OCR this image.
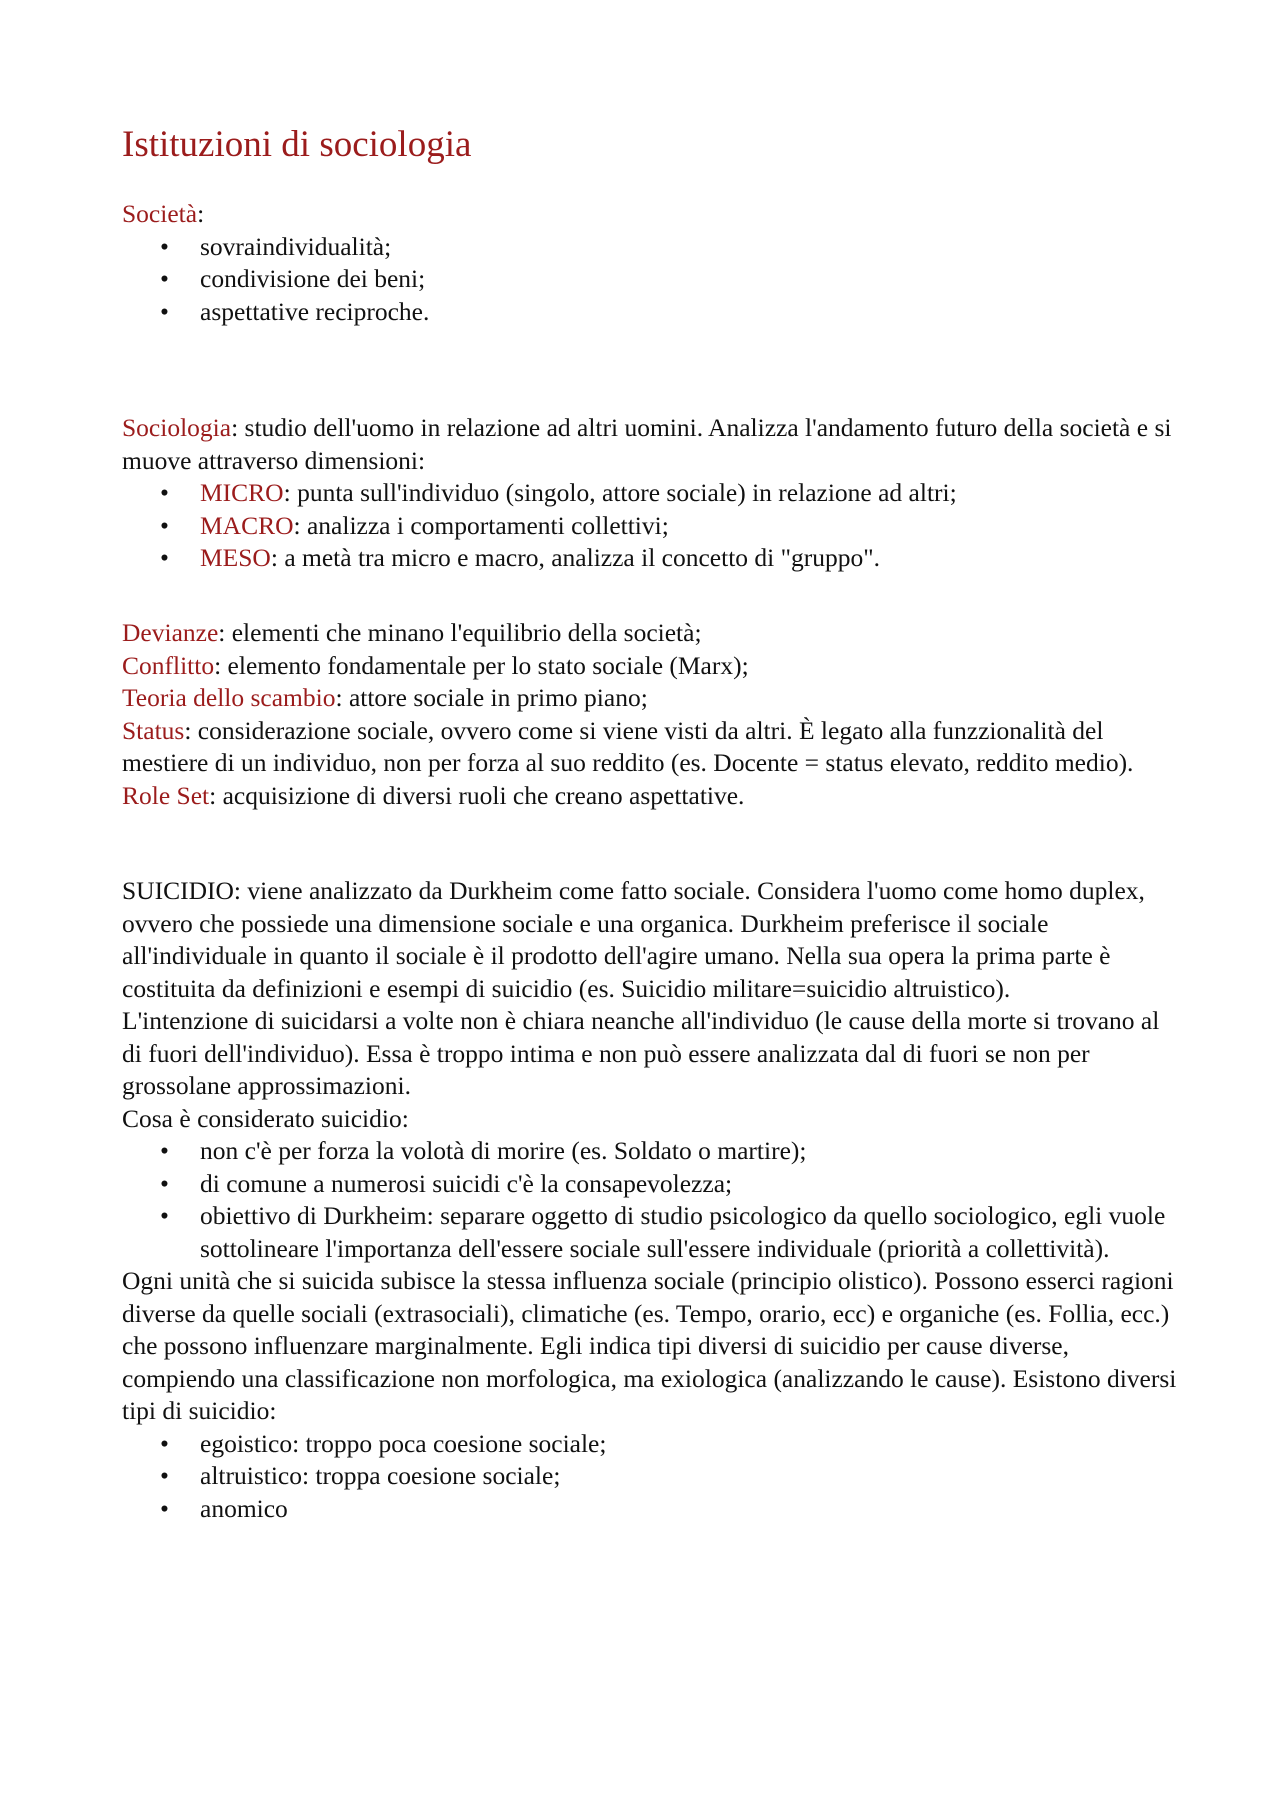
Istituzioni di sociologia

Società:

• sovraindividualità;
• condivisione dei beni;
• aspettative reciproche.

Sociologia: studio dell'uomo in relazione ad altri uomini. Analizza l'andamento futuro della società e si muove attraverso dimensioni:

• MICRO: punta sull'individuo (singolo, attore sociale) in relazione ad altri;
• MACRO: analizza i comportamenti collettivi;
• MESO: a metà tra micro e macro, analizza il concetto di "gruppo".

Devianze: elementi che minano l'equilibrio della società;

Conflitto: elemento fondamentale per lo stato sociale (Marx);

Teoria dello scambio: attore sociale in primo piano;

Status: considerazione sociale, ovvero come si viene visti da altri. È legato alla funzzionalità del mestiere di un individuo, non per forza al suo reddito (es. Docente = status elevato, reddito medio).

Role Set: acquisizione di diversi ruoli che creano aspettative.

SUICIDIO: viene analizzato da Durkheim come fatto sociale. Considera l'uomo come homo duplex, ovvero che possiede una dimensione sociale e una organica. Durkheim preferisce il sociale all'individuale in quanto il sociale è il prodotto dell'agire umano. Nella sua opera la prima parte è costituita da definizioni e esempi di suicidio (es. Suicidio militare=suicidio altruistico).

L'intenzione di suicidarsi a volte non è chiara neanche all'individuo (le cause della morte si trovano al di fuori dell'individuo). Essa è troppo intima e non può essere analizzata dal di fuori se non per grossolane approssimazioni.

Cosa è considerato suicidio:

• non c'è per forza la volotà di morire (es. Soldato o martire);
• di comune a numerosi suicidi c'è la consapevolezza;
• obiettivo di Durkheim: separare oggetto di studio psicologico da quello sociologico, egli vuole sottolineare l'importanza dell'essere sociale sull'essere individuale (priorità a collettività).

Ogni unità che si suicida subisce la stessa influenza sociale (principio olistico). Possono esserci ragioni diverse da quelle sociali (extrasociali), climatiche (es. Tempo, orario, ecc) e organiche (es. Follia, ecc.) che possono influenzare marginalmente. Egli indica tipi diversi di suicidio per cause diverse, compiendo una classificazione non morfologica, ma exiologica (analizzando le cause). Esistono diversi tipi di suicidio:

• egoistico: troppo poca coesione sociale;
• altruistico: troppa coesione sociale;
• anomico
